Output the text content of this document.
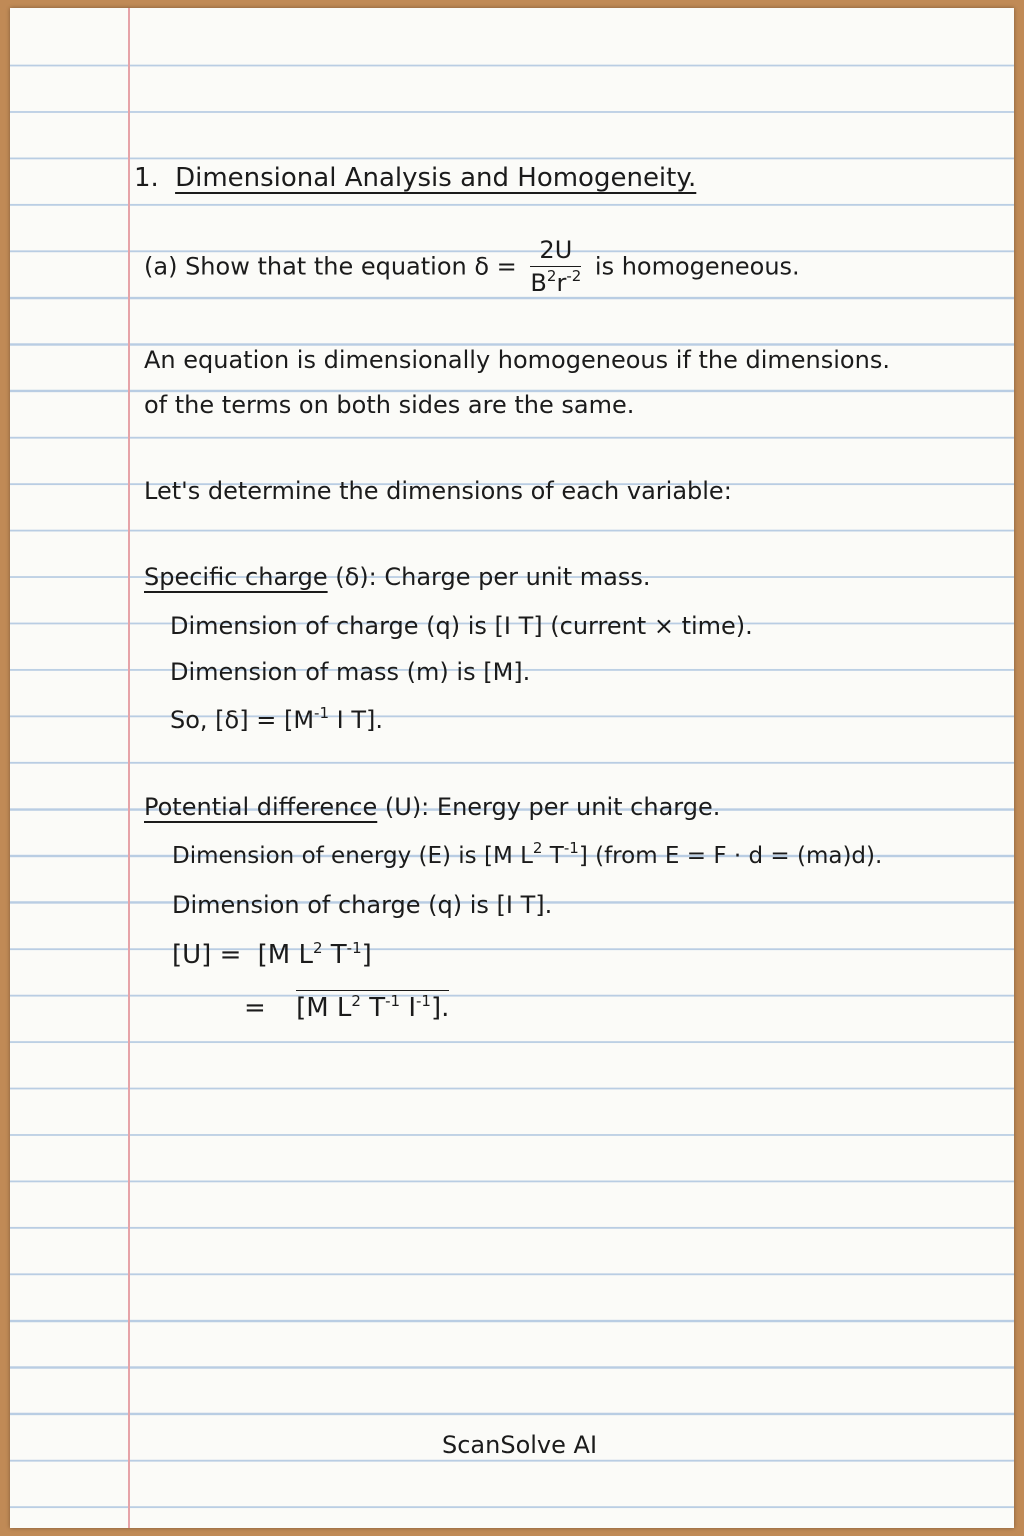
1. Dimensional Analysis and Homogeneity.
(a) Show that the equation $\delta = \frac{2U}{B^2r^{-2}}$ is homogeneous.
An equation is dimensionally homogeneous if the dimensions.
of the terms on both sides are the same.
Let's determine the dimensions of each variable:
Specific charge (δ): Charge per unit mass.
Dimension of charge (q) is [I T] (current × time).
Dimension of mass (m) is [M].
So, $[\delta] = [M^{-1}$ I T].
Potential difference (U): Energy per unit charge.
Dimension of energy (E) is [M $L^2$ $T^{-1}$] (from E = F · d = (ma)d).
Dimension of charge (q) is [I T].
[U] = [M $L^2$ $T^{-1}$]
= [M $L^2$ $T^{-1}$ $I^{-1}$].
ScanSolve AI
